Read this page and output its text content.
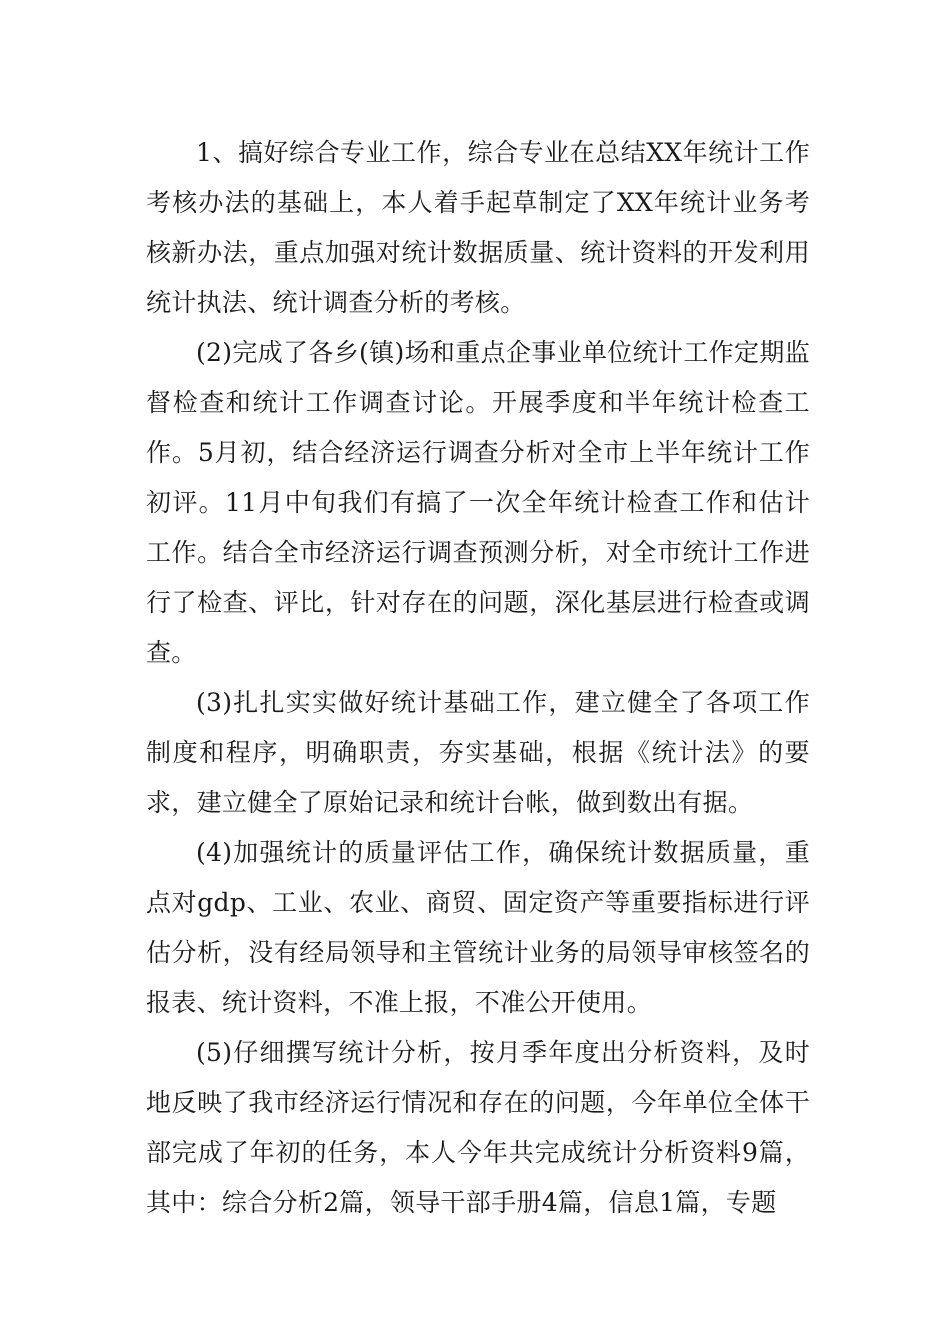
1、搞好综合专业工作，综合专业在总结XX年统计工作考核办法的基础上，本人着手起草制定了XX年统计业务考核新办法，重点加强对统计数据质量、统计资料的开发利用统计执法、统计调查分析的考核。

(2)完成了各乡(镇)场和重点企事业单位统计工作定期监督检查和统计工作调查讨论。开展季度和半年统计检查工作。5月初，结合经济运行调查分析对全市上半年统计工作初评。11月中旬我们有搞了一次全年统计检查工作和估计工作。结合全市经济运行调查预测分析，对全市统计工作进行了检查、评比，针对存在的问题，深化基层进行检查或调查。

(3)扎扎实实做好统计基础工作，建立健全了各项工作制度和程序，明确职责，夯实基础，根据《统计法》的要求，建立健全了原始记录和统计台帐，做到数出有据。

(4)加强统计的质量评估工作，确保统计数据质量，重点对gdp、工业、农业、商贸、固定资产等重要指标进行评估分析，没有经局领导和主管统计业务的局领导审核签名的报表、统计资料，不准上报，不准公开使用。

(5)仔细撰写统计分析，按月季年度出分析资料，及时地反映了我市经济运行情况和存在的问题，今年单位全体干部完成了年初的任务，本人今年共完成统计分析资料9篇，其中：综合分析2篇，领导干部手册4篇，信息1篇，专题
